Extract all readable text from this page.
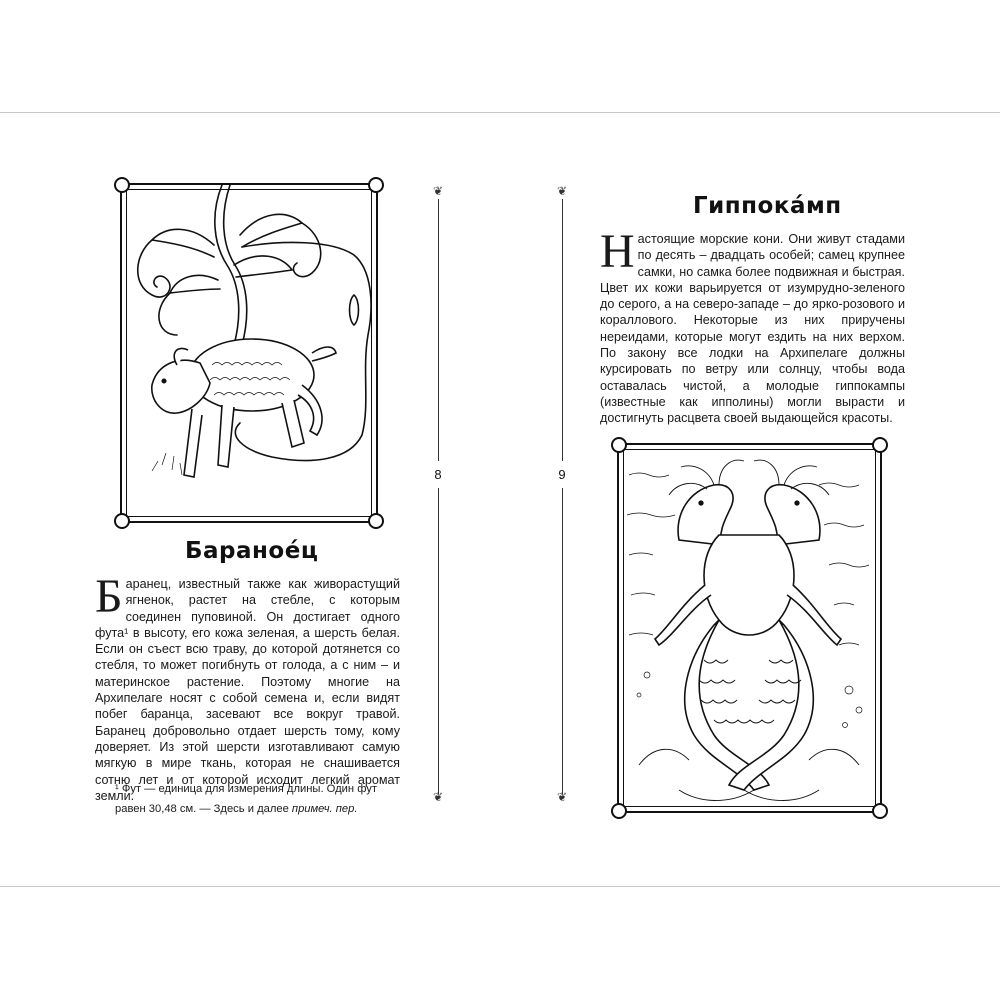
Бараное́ц
Баранец, известный также как живорастущий ягненок, растет на стебле, с которым соединен пуповиной. Он достигает одного фута¹ в высоту, его кожа зеленая, а шерсть белая. Если он съест всю траву, до которой дотянется со стебля, то может погибнуть от голода, а с ним – и материнское растение. Поэтому многие на Архипелаге носят с собой семена и, если видят побег баранца, засевают все вокруг травой. Баранец добровольно отдает шерсть тому, кому доверяет. Из этой шерсти изготавливают самую мягкую в мире ткань, которая не снашивается сотню лет и от которой исходит легкий аромат земли.

¹ Фут — единица для измерения длины. Один фут равен 30,48 см. — Здесь и далее примеч. пер.

❦
❦
8
❦
❦
9
Гиппока́мп
Настоящие морские кони. Они живут стадами по десять – двадцать особей; самец крупнее самки, но самка более подвижная и быстрая. Цвет их кожи варьируется от изумрудно-зеленого до серого, а на северо-западе – до ярко-розового и кораллового. Некоторые из них приручены нереидами, которые могут ездить на них верхом. По закону все лодки на Архипелаге должны курсировать по ветру или солнцу, чтобы вода оставалась чистой, а молодые гиппокампы (известные как ипполины) могли вырасти и достигнуть расцвета своей выдающейся красоты.
